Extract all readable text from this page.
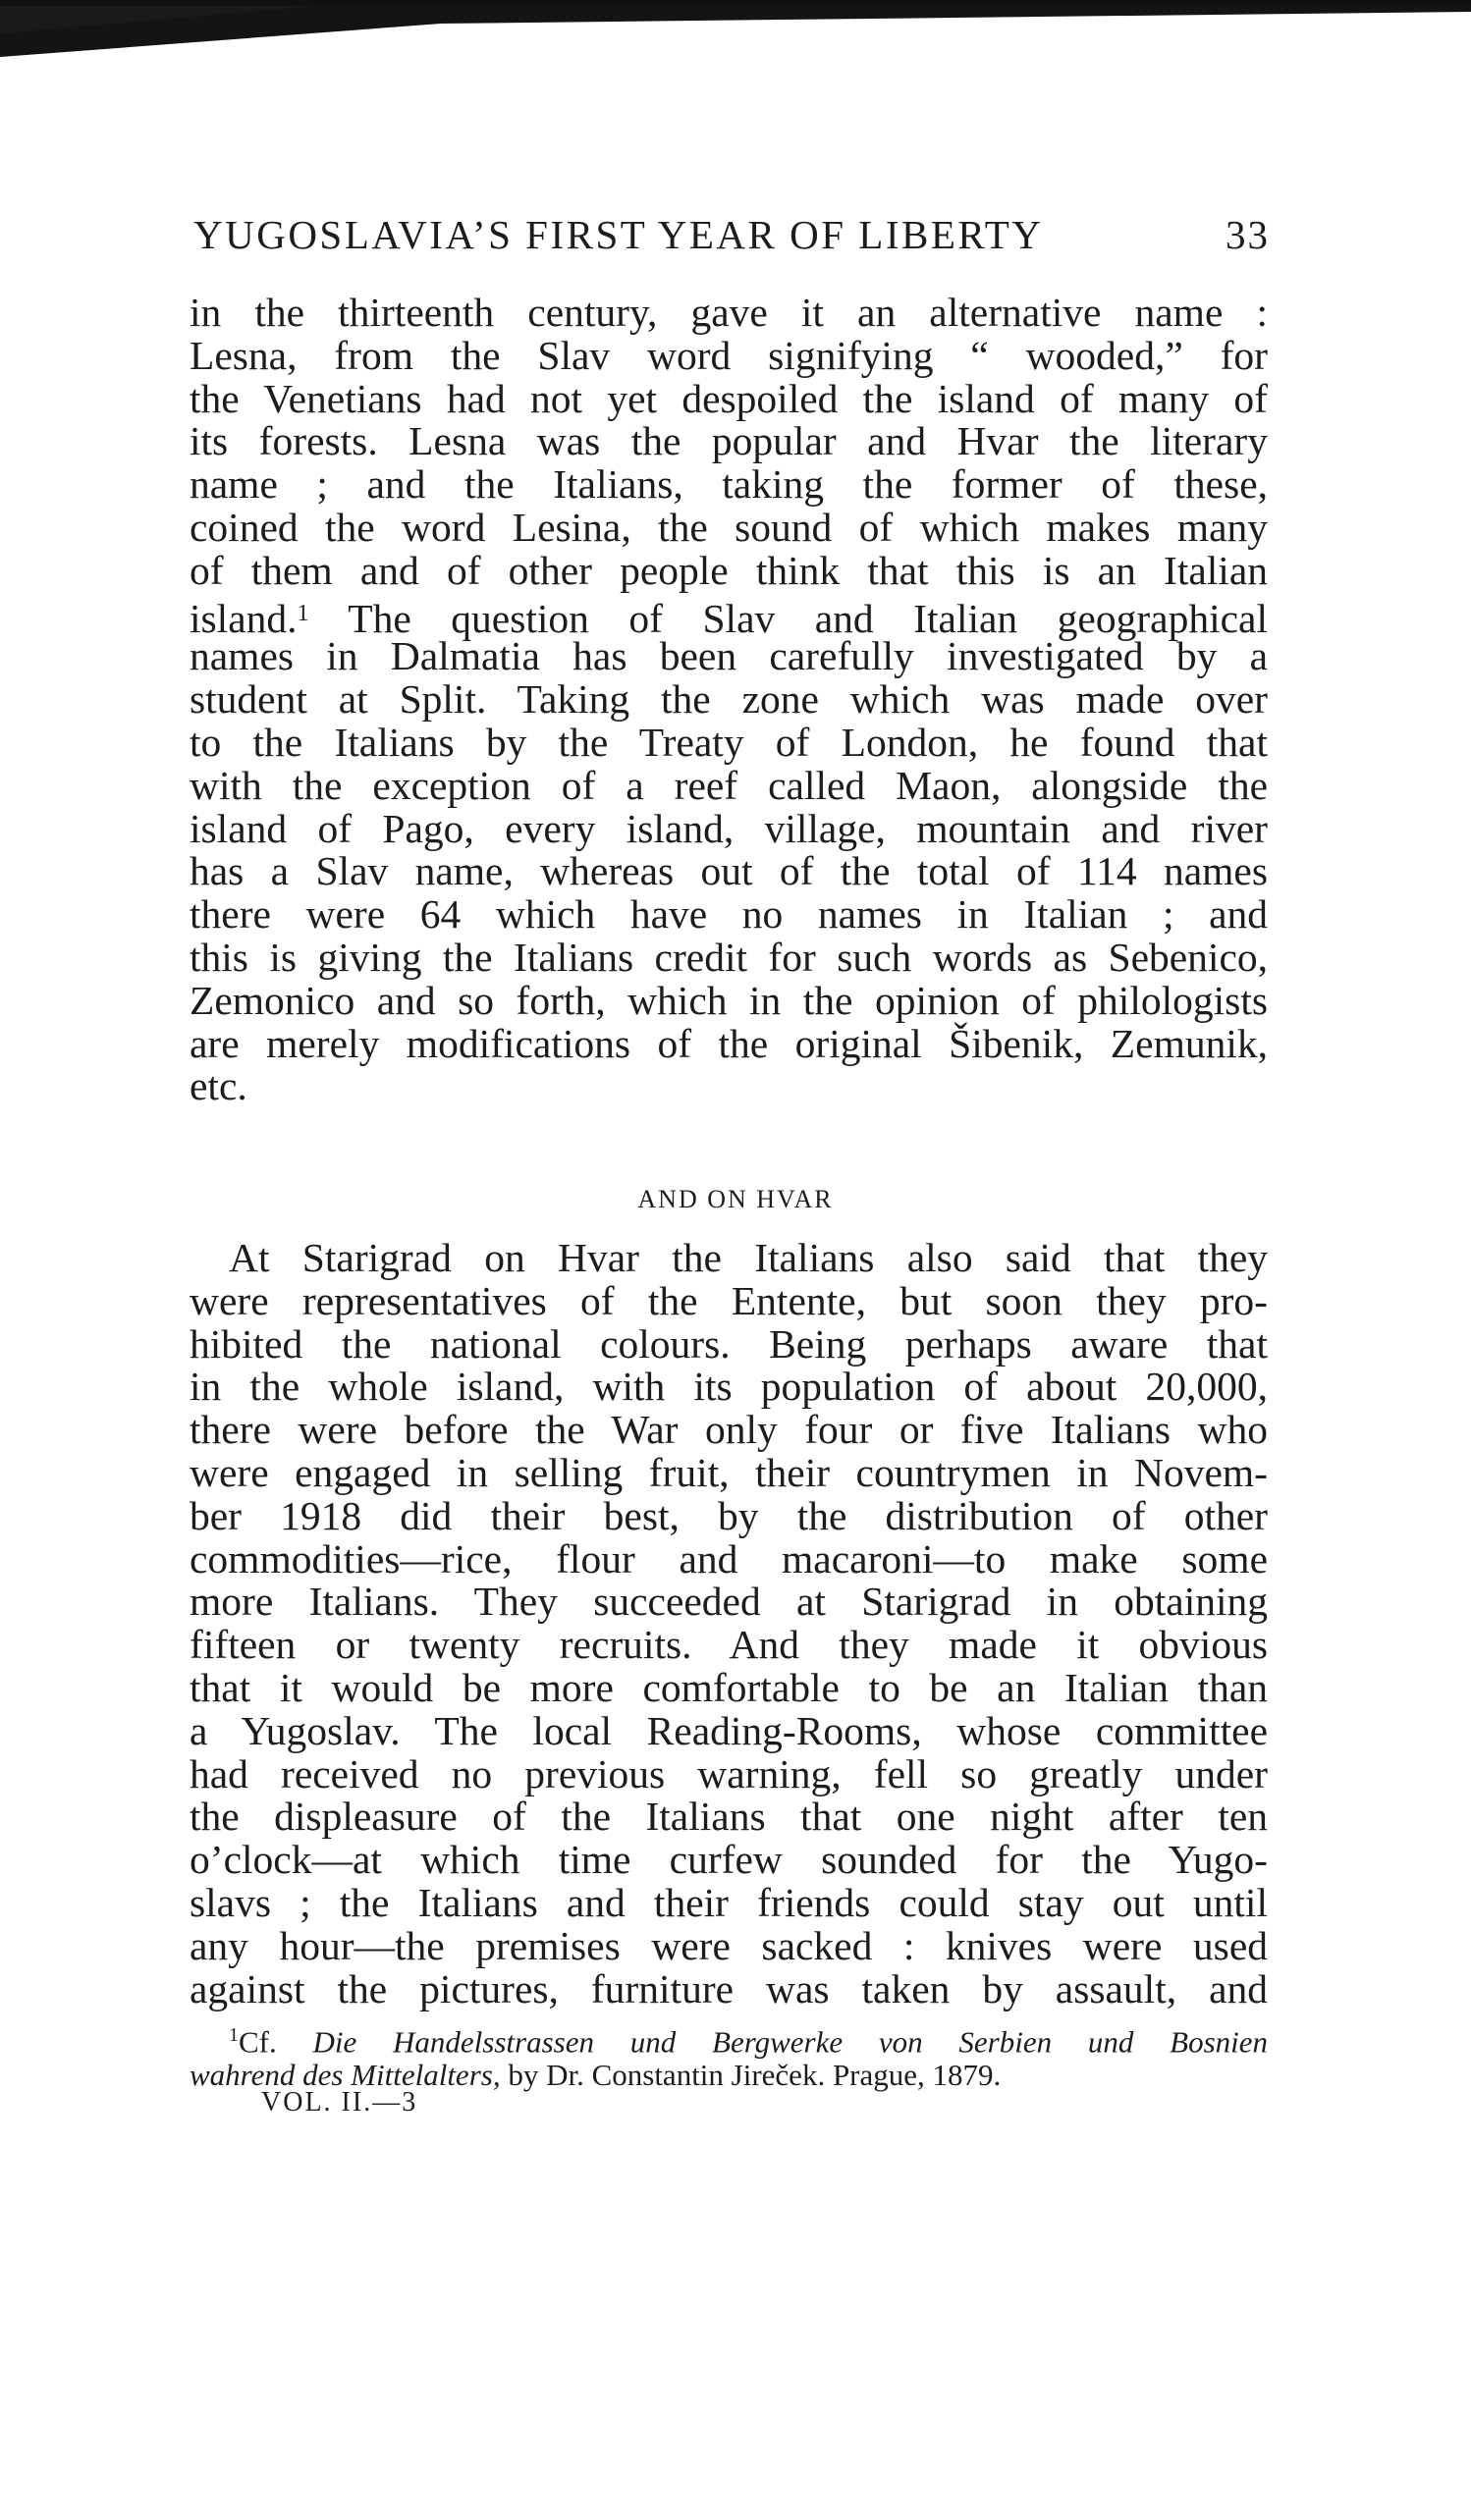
YUGOSLAVIA’S FIRST YEAR OF LIBERTY	33
in the thirteenth century, gave it an alternative name :
Lesna, from the Slav word signifying “ wooded,” for
the Venetians had not yet despoiled the island of many of
its forests. Lesna was the popular and Hvar the literary
name ; and the Italians, taking the former of these,
coined the word Lesina, the sound of which makes many
of them and of other people think that this is an Italian
island.$^1$ The question of Slav and Italian geographical
names in Dalmatia has been carefully investigated by a
student at Split. Taking the zone which was made over
to the Italians by the Treaty of London, he found that
with the exception of a reef called Maon, alongside the
island of Pago, every island, village, mountain and river
has a Slav name, whereas out of the total of 114 names
there were 64 which have no names in Italian ; and
this is giving the Italians credit for such words as Sebenico,
Zemonico and so forth, which in the opinion of philologists
are merely modifications of the original Šibenik, Zemunik,
etc.
AND ON HVAR
At Starigrad on Hvar the Italians also said that they
were representatives of the Entente, but soon they pro-
hibited the national colours. Being perhaps aware that
in the whole island, with its population of about 20,000,
there were before the War only four or five Italians who
were engaged in selling fruit, their countrymen in Novem-
ber 1918 did their best, by the distribution of other
commodities—rice, flour and macaroni—to make some
more Italians. They succeeded at Starigrad in obtaining
fifteen or twenty recruits. And they made it obvious
that it would be more comfortable to be an Italian than
a Yugoslav. The local Reading-Rooms, whose committee
had received no previous warning, fell so greatly under
the displeasure of the Italians that one night after ten
o’clock—at which time curfew sounded for the Yugo-
slavs ; the Italians and their friends could stay out until
any hour—the premises were sacked : knives were used
against the pictures, furniture was taken by assault, and
$^1$Cf. Die Handelsstrassen und Bergwerke von Serbien und Bosnien
wahrend des Mittelalters, by Dr. Constantin Jireček. Prague, 1879.
VOL. II.—3
